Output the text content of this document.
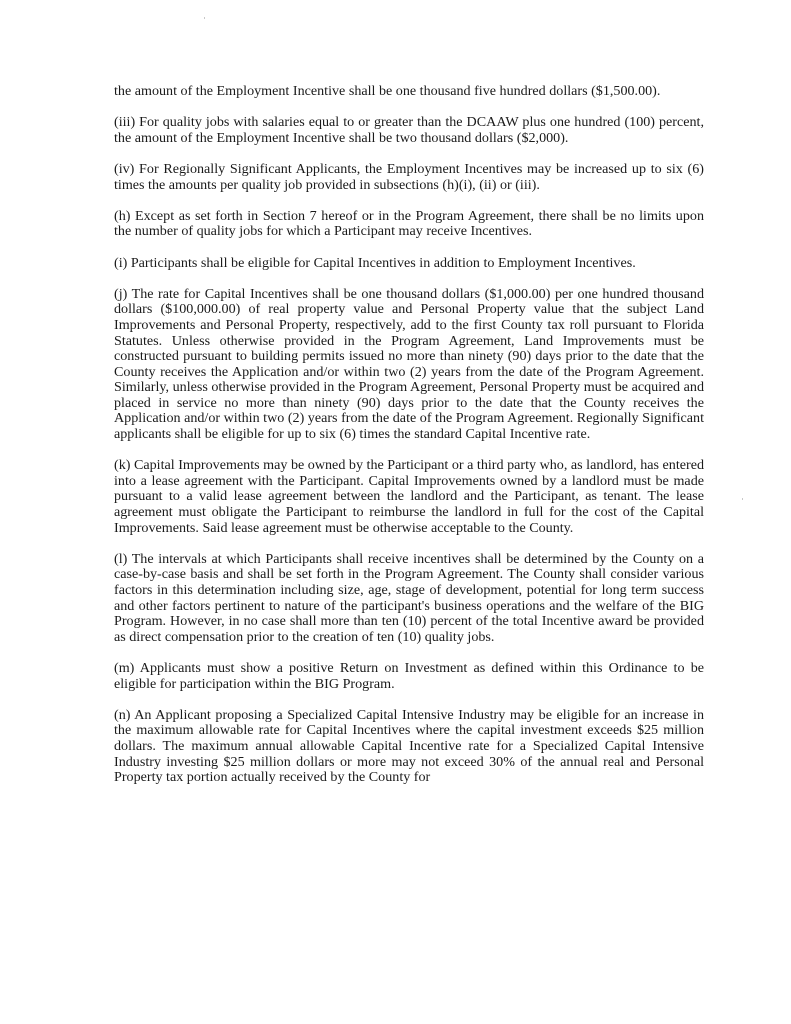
the amount of the Employment Incentive shall be one thousand five hundred dollars ($1,500.00).

(iii) For quality jobs with salaries equal to or greater than the DCAAW plus one hundred (100) percent, the amount of the Employment Incentive shall be two thousand dollars ($2,000).

(iv) For Regionally Significant Applicants, the Employment Incentives may be increased up to six (6) times the amounts per quality job provided in subsections (h)(i), (ii) or (iii).

(h) Except as set forth in Section 7 hereof or in the Program Agreement, there shall be no limits upon the number of quality jobs for which a Participant may receive Incentives.

(i) Participants shall be eligible for Capital Incentives in addition to Employment Incentives.

(j) The rate for Capital Incentives shall be one thousand dollars ($1,000.00) per one hundred thousand dollars ($100,000.00) of real property value and Personal Property value that the subject Land Improvements and Personal Property, respectively, add to the first County tax roll pursuant to Florida Statutes. Unless otherwise provided in the Program Agreement, Land Improvements must be constructed pursuant to building permits issued no more than ninety (90) days prior to the date that the County receives the Application and/or within two (2) years from the date of the Program Agreement. Similarly, unless otherwise provided in the Program Agreement, Personal Property must be acquired and placed in service no more than ninety (90) days prior to the date that the County receives the Application and/or within two (2) years from the date of the Program Agreement. Regionally Significant applicants shall be eligible for up to six (6) times the standard Capital Incentive rate.

(k) Capital Improvements may be owned by the Participant or a third party who, as landlord, has entered into a lease agreement with the Participant. Capital Improvements owned by a landlord must be made pursuant to a valid lease agreement between the landlord and the Participant, as tenant. The lease agreement must obligate the Participant to reimburse the landlord in full for the cost of the Capital Improvements. Said lease agreement must be otherwise acceptable to the County.

(l) The intervals at which Participants shall receive incentives shall be determined by the County on a case-by-case basis and shall be set forth in the Program Agreement. The County shall consider various factors in this determination including size, age, stage of development, potential for long term success and other factors pertinent to nature of the participant's business operations and the welfare of the BIG Program. However, in no case shall more than ten (10) percent of the total Incentive award be provided as direct compensation prior to the creation of ten (10) quality jobs.

(m) Applicants must show a positive Return on Investment as defined within this Ordinance to be eligible for participation within the BIG Program.

(n) An Applicant proposing a Specialized Capital Intensive Industry may be eligible for an increase in the maximum allowable rate for Capital Incentives where the capital investment exceeds $25 million dollars. The maximum annual allowable Capital Incentive rate for a Specialized Capital Intensive Industry investing $25 million dollars or more may not exceed 30% of the annual real and Personal Property tax portion actually received by the County for
